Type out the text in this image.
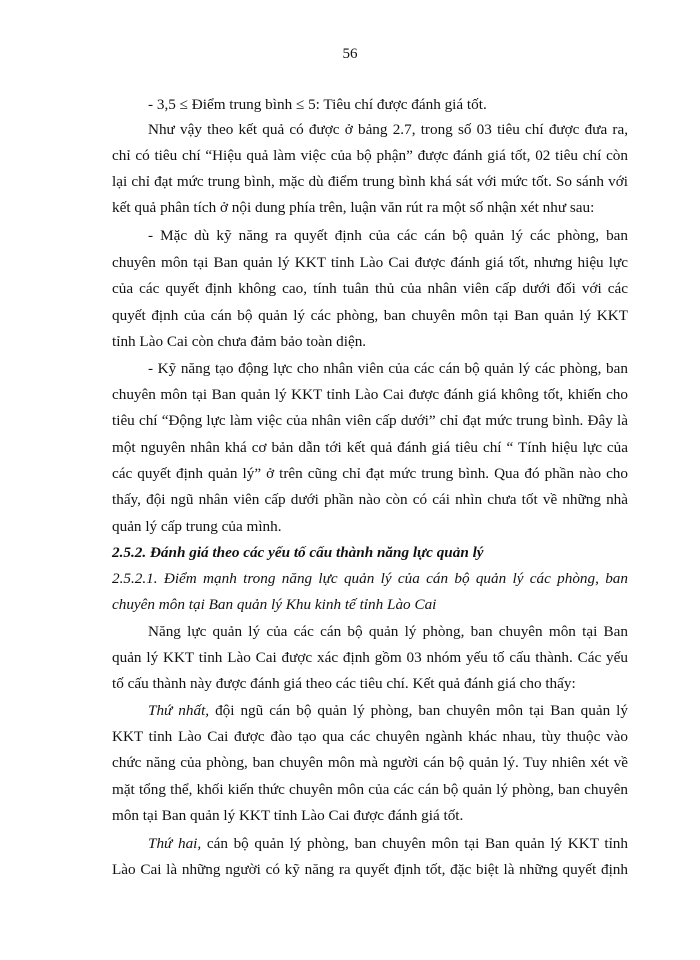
56
- 3,5 ≤ Điểm trung bình ≤ 5: Tiêu chí được đánh giá tốt.
Như vậy theo kết quả có được ở bảng 2.7, trong số 03 tiêu chí được đưa ra,
chỉ có tiêu chí “Hiệu quả làm việc của bộ phận” được đánh giá tốt, 02 tiêu chí còn
lại chỉ đạt mức trung bình, mặc dù điểm trung bình khá sát với mức tốt. So sánh với
kết quả phân tích ở nội dung phía trên, luận văn rút ra một số nhận xét như sau:
- Mặc dù kỹ năng ra quyết định của các cán bộ quản lý các phòng, ban
chuyên môn tại Ban quản lý KKT tỉnh Lào Cai được đánh giá tốt, nhưng hiệu lực
của các quyết định không cao, tính tuân thủ của nhân viên cấp dưới đối với các
quyết định của cán bộ quản lý các phòng, ban chuyên môn tại Ban quản lý KKT
tỉnh Lào Cai còn chưa đảm bảo toàn diện.
- Kỹ năng tạo động lực cho nhân viên của các cán bộ quản lý các phòng, ban
chuyên môn tại Ban quản lý KKT tỉnh Lào Cai được đánh giá không tốt, khiến cho
tiêu chí “Động lực làm việc của nhân viên cấp dưới” chỉ đạt mức trung bình. Đây là
một nguyên nhân khá cơ bản dẫn tới kết quả đánh giá tiêu chí “ Tính hiệu lực của
các quyết định quản lý” ở trên cũng chỉ đạt mức trung bình. Qua đó phần nào cho
thấy, đội ngũ nhân viên cấp dưới phần nào còn có cái nhìn chưa tốt về những nhà
quản lý cấp trung của mình.
2.5.2. Đánh giá theo các yếu tố cấu thành năng lực quản lý
2.5.2.1. Điểm mạnh trong năng lực quản lý của cán bộ quản lý các phòng, ban
chuyên môn tại Ban quản lý Khu kinh tế tỉnh Lào Cai
Năng lực quản lý của các cán bộ quản lý phòng, ban chuyên môn tại Ban
quản lý KKT tỉnh Lào Cai được xác định gồm 03 nhóm yếu tố cấu thành. Các yếu
tố cấu thành này được đánh giá theo các tiêu chí. Kết quả đánh giá cho thấy:
Thứ nhất, đội ngũ cán bộ quản lý phòng, ban chuyên môn tại Ban quản lý
KKT tỉnh Lào Cai được đào tạo qua các chuyên ngành khác nhau, tùy thuộc vào
chức năng của phòng, ban chuyên môn mà người cán bộ quản lý. Tuy nhiên xét về
mặt tổng thể, khối kiến thức chuyên môn của các cán bộ quản lý phòng, ban chuyên
môn tại Ban quản lý KKT tỉnh Lào Cai được đánh giá tốt.
Thứ hai, cán bộ quản lý phòng, ban chuyên môn tại Ban quản lý KKT tỉnh
Lào Cai là những người có kỹ năng ra quyết định tốt, đặc biệt là những quyết định
